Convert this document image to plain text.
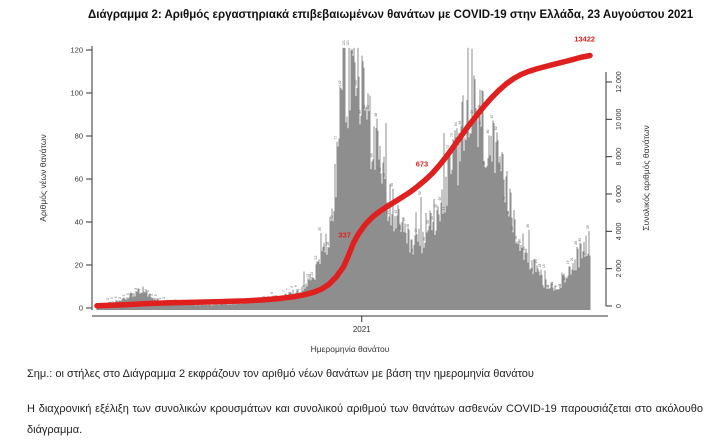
Διάγραμμα 2: Αριθμός εργαστηριακά επιβεβαιωμένων θανάτων με COVID-19 στην Ελλάδα, 23 Αυγούστου 2021
3 3 4 3
4
5 5
8 7 7
6
5 5
3 3
2 2 2 2	2 2 2 2
3 3
3 3
4 4
6
4
4
7
7
9 9
7
9
13 14
22
35
26
28
40
77
102
121 121
117
102
89
92 92
69
88
63
60
43
56
43
35
39
36
25
34
52
30
38
40
46
49
44
73
79
84 84
79 79
89
88
84
66
80
87
82
64
49
43
35
31
29
26
36
16
20
18 18
9
10
9
9
12
19
21
28
30
24
36
0
20
40
60
80
100
120
0
2 000
4 000
6 000
8 000
10 000
12 000
2021
Αριθμός νέων θανάτων	Συνολικός αριθμός θανάτων
Ημερομηνία θανάτου
337
673
13422
Σημ.: οι στήλες στο Διάγραμμα 2 εκφράζουν τον αριθμό νέων θανάτων με βάση την ημερομηνία θανάτου
Η διαχρονική εξέλιξη των συνολικών κρουσμάτων και συνολικού αριθμού των θανάτων ασθενών COVID-19 παρουσιάζεται στο ακόλουθο διάγραμμα.
